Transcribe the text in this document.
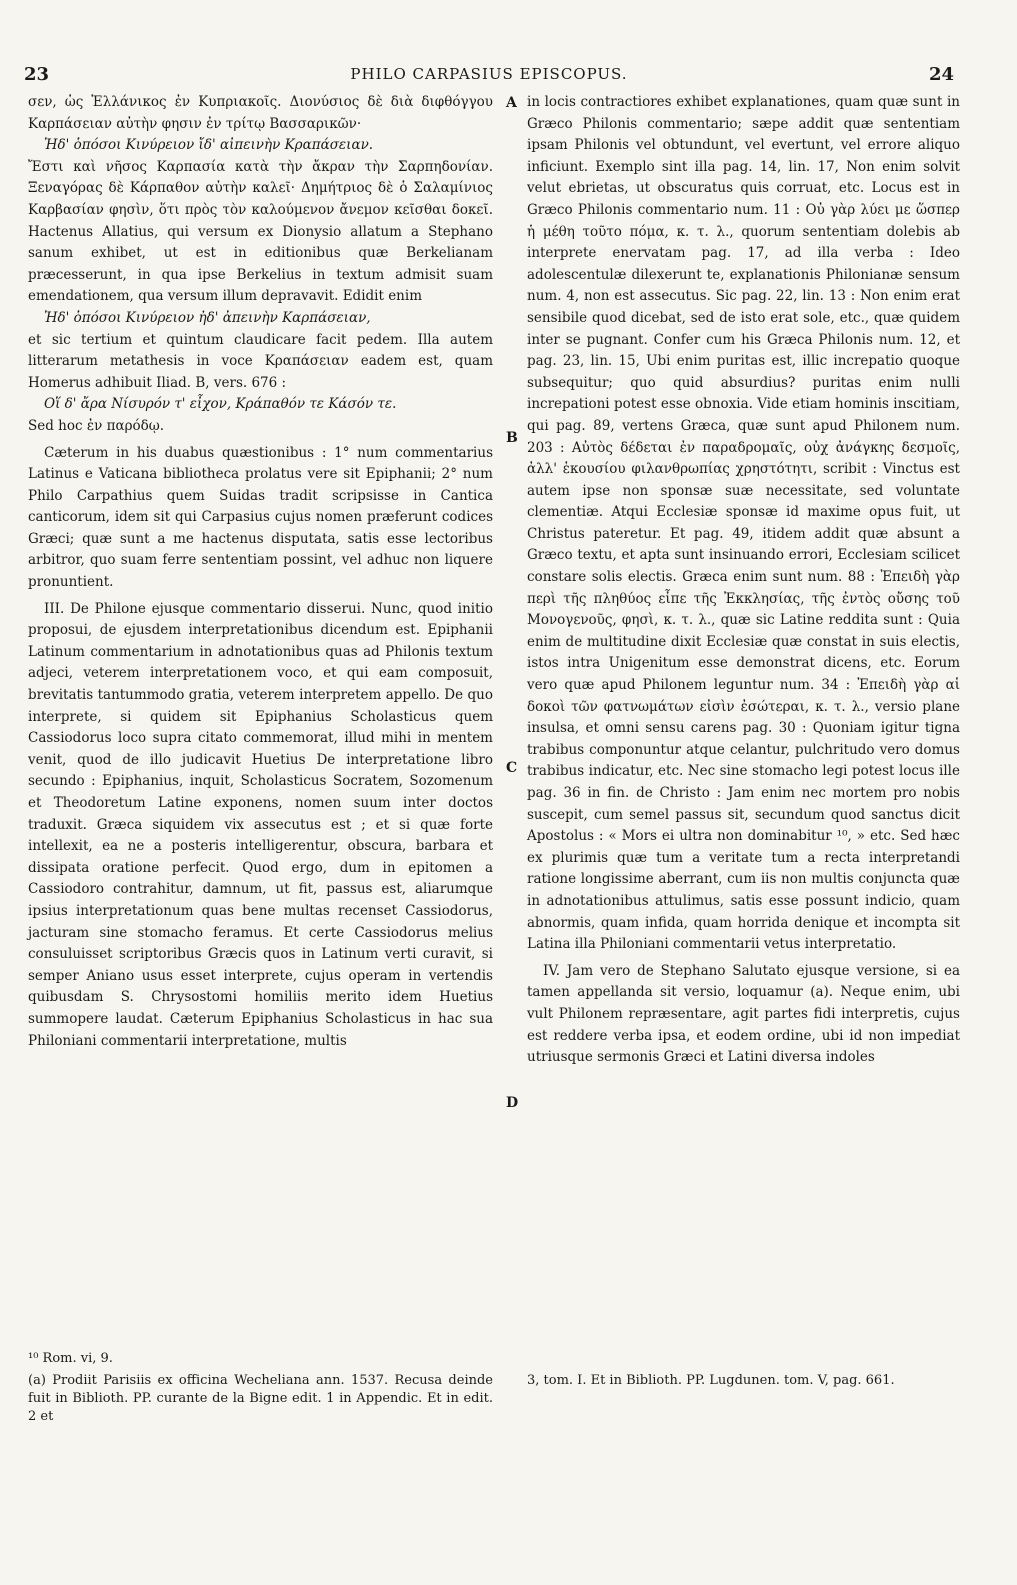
23	PHILO CARPASIUS EPISCOPUS.	24

σεν, ὡς Ἑλλάνικος ἐν Κυπριακοῖς. Διονύσιος δὲ διὰ διφθόγγου Καρπάσειαν αὐτὴν φησιν ἐν τρίτῳ Βασσαρικῶν·

Ἠδ' ὁπόσοι Κινύρειον ἴδ' αἰπεινὴν Κραπάσειαν.

Ἔστι καὶ νῆσος Καρπασία κατὰ τὴν ἄκραν τὴν Σαρπηδονίαν. Ξεναγόρας δὲ Κάρπαθον αὐτὴν καλεῖ· Δημήτριος δὲ ὁ Σαλαμίνιος Καρβασίαν φησὶν, ὅτι πρὸς τὸν καλούμενον ἄνεμον κεῖσθαι δοκεῖ. Hactenus Allatius, qui versum ex Dionysio allatum a Stephano sanum exhibet, ut est in editionibus quæ Berkelianam præcesserunt, in qua ipse Berkelius in textum admisit suam emendationem, qua versum illum depravavit. Edidit enim

Ἠδ' ὁπόσοι Κινύρειον ἠδ' ἀπεινὴν Καρπάσειαν,

et sic tertium et quintum claudicare facit pedem. Illa autem litterarum metathesis in voce Κραπάσειαν eadem est, quam Homerus adhibuit Iliad. B, vers. 676 :

Οἵ δ' ἄρα Νίσυρόν τ' εἶχον, Κράπαθόν τε Κάσόν τε.

Sed hoc ἐν παρόδῳ.

Cæterum in his duabus quæstionibus : 1° num commentarius Latinus e Vaticana bibliotheca prolatus vere sit Epiphanii; 2° num Philo Carpathius quem Suidas tradit scripsisse in Cantica canticorum, idem sit qui Carpasius cujus nomen præferunt codices Græci; quæ sunt a me hactenus disputata, satis esse lectoribus arbitror, quo suam ferre sententiam possint, vel adhuc non liquere pronuntient.

III. De Philone ejusque commentario disserui. Nunc, quod initio proposui, de ejusdem interpretationibus dicendum est. Epiphanii Latinum commentarium in adnotationibus quas ad Philonis textum adjeci, veterem interpretationem voco, et qui eam composuit, brevitatis tantummodo gratia, veterem interpretem appello. De quo interprete, si quidem sit Epiphanius Scholasticus quem Cassiodorus loco supra citato commemorat, illud mihi in mentem venit, quod de illo judicavit Huetius De interpretatione libro secundo : Epiphanius, inquit, Scholasticus Socratem, Sozomenum et Theodoretum Latine exponens, nomen suum inter doctos traduxit. Græca siquidem vix assecutus est ; et si quæ forte intellexit, ea ne a posteris intelligerentur, obscura, barbara et dissipata oratione perfecit. Quod ergo, dum in epitomen a Cassiodoro contrahitur, damnum, ut fit, passus est, aliarumque ipsius interpretationum quas bene multas recenset Cassiodorus, jacturam sine stomacho feramus. Et certe Cassiodorus melius consuluisset scriptoribus Græcis quos in Latinum verti curavit, si semper Aniano usus esset interprete, cujus operam in vertendis quibusdam S. Chrysostomi homiliis merito idem Huetius summopere laudat. Cæterum Epiphanius Scholasticus in hac sua Philoniani commentarii interpretatione, multis

in locis contractiores exhibet explanationes, quam quæ sunt in Græco Philonis commentario; sæpe addit quæ sententiam ipsam Philonis vel obtundunt, vel evertunt, vel errore aliquo inficiunt. Exemplo sint illa pag. 14, lin. 17, Non enim solvit velut ebrietas, ut obscuratus quis corruat, etc. Locus est in Græco Philonis commentario num. 11 : Οὐ γὰρ λύει με ὥσπερ ἡ μέθη τοῦτο πόμα, κ. τ. λ., quorum sententiam dolebis ab interprete enervatam pag. 17, ad illa verba : Ideo adolescentulæ dilexerunt te, explanationis Philonianæ sensum num. 4, non est assecutus. Sic pag. 22, lin. 13 : Non enim erat sensibile quod dicebat, sed de isto erat sole, etc., quæ quidem inter se pugnant. Confer cum his Græca Philonis num. 12, et pag. 23, lin. 15, Ubi enim puritas est, illic increpatio quoque subsequitur; quo quid absurdius? puritas enim nulli increpationi potest esse obnoxia. Vide etiam hominis inscitiam, qui pag. 89, vertens Græca, quæ sunt apud Philonem num. 203 : Αὐτὸς δέδεται ἐν παραδρομαῖς, οὐχ ἀνάγκης δεσμοῖς, ἀλλ' ἑκουσίου φιλανθρωπίας χρηστότητι, scribit : Vinctus est autem ipse non sponsæ suæ necessitate, sed voluntate clementiæ. Atqui Ecclesiæ sponsæ id maxime opus fuit, ut Christus pateretur. Et pag. 49, itidem addit quæ absunt a Græco textu, et apta sunt insinuando errori, Ecclesiam scilicet constare solis electis. Græca enim sunt num. 88 : Ἐπειδὴ γὰρ περὶ τῆς πληθύος εἶπε τῆς Ἐκκλησίας, τῆς ἐντὸς οὔσης τοῦ Μονογενοῦς, φησὶ, κ. τ. λ., quæ sic Latine reddita sunt : Quia enim de multitudine dixit Ecclesiæ quæ constat in suis electis, istos intra Unigenitum esse demonstrat dicens, etc. Eorum vero quæ apud Philonem leguntur num. 34 : Ἐπειδὴ γὰρ αἱ δοκοὶ τῶν φατνωμάτων εἰσὶν ἐσώτεραι, κ. τ. λ., versio plane insulsa, et omni sensu carens pag. 30 : Quoniam igitur tigna trabibus componuntur atque celantur, pulchritudo vero domus trabibus indicatur, etc. Nec sine stomacho legi potest locus ille pag. 36 in fin. de Christo : Jam enim nec mortem pro nobis suscepit, cum semel passus sit, secundum quod sanctus dicit Apostolus : « Mors ei ultra non dominabitur ¹⁰, » etc. Sed hæc ex plurimis quæ tum a veritate tum a recta interpretandi ratione longissime aberrant, cum iis non multis conjuncta quæ in adnotationibus attulimus, satis esse possunt indicio, quam abnormis, quam infida, quam horrida denique et incompta sit Latina illa Philoniani commentarii vetus interpretatio.

IV. Jam vero de Stephano Salutato ejusque versione, si ea tamen appellanda sit versio, loquamur (a). Neque enim, ubi vult Philonem repræsentare, agit partes fidi interpretis, cujus est reddere verba ipsa, et eodem ordine, ubi id non impediat utriusque sermonis Græci et Latini diversa indoles

A
B
C
D

¹⁰ Rom. vi, 9.

(a) Prodiit Parisiis ex officina Wecheliana ann. 1537. Recusa deinde fuit in Biblioth. PP. curante de la Bigne edit. 1 in Appendic. Et in edit. 2 et

3, tom. I. Et in Biblioth. PP. Lugdunen. tom. V, pag. 661.
